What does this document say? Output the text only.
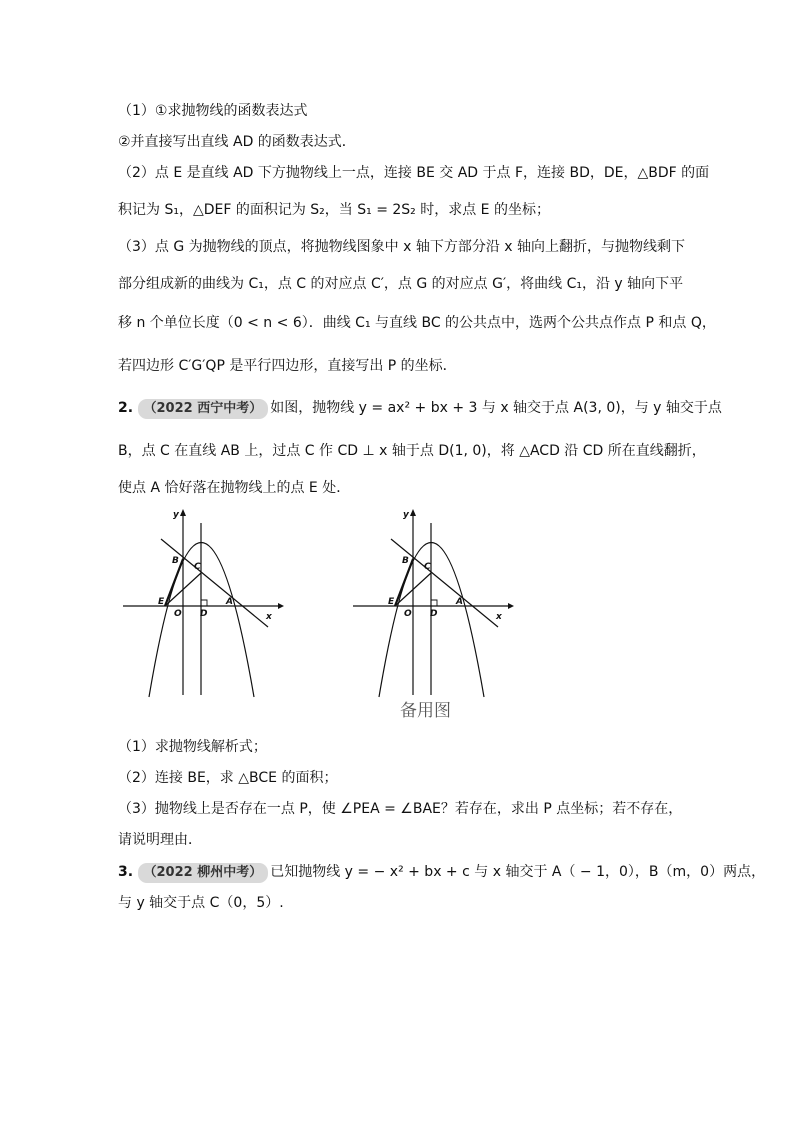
（1）①求抛物线的函数表达式
②并直接写出直线 AD 的函数表达式．
（2）点 E 是直线 AD 下方抛物线上一点，连接 BE 交 AD 于点 F，连接 BD，DE，△BDF 的面
积记为 S₁，△DEF 的面积记为 S₂，当 S₁ = 2S₂ 时，求点 E 的坐标；
（3）点 G 为抛物线的顶点，将抛物线图象中 x 轴下方部分沿 x 轴向上翻折，与抛物线剩下
部分组成新的曲线为 C₁，点 C 的对应点 C′，点 G 的对应点 G′，将曲线 C₁，沿 y 轴向下平
移 n 个单位长度（0 < n < 6）．曲线 C₁ 与直线 BC 的公共点中，选两个公共点作点 P 和点 Q，
若四边形 C′G′QP 是平行四边形，直接写出 P 的坐标．
2. （2022 西宁中考） 如图，抛物线 y = ax² + bx + 3 与 x 轴交于点 A(3, 0)，与 y 轴交于点
B，点 C 在直线 AB 上，过点 C 作 CD ⊥ x 轴于点 D(1, 0)，将 △ACD 沿 CD 所在直线翻折，
使点 A 恰好落在抛物线上的点 E 处．
y
x
B
C
E
O D
A
y
x
B
C
E
O D
A
备用图
（1）求抛物线解析式；
（2）连接 BE，求 △BCE 的面积；
（3）抛物线上是否存在一点 P，使 ∠PEA = ∠BAE？若存在，求出 P 点坐标；若不存在，
请说明理由．
3. （2022 柳州中考） 已知抛物线 y = − x² + bx + c 与 x 轴交于 A（ − 1，0），B（m，0）两点，
与 y 轴交于点 C（0，5）.
